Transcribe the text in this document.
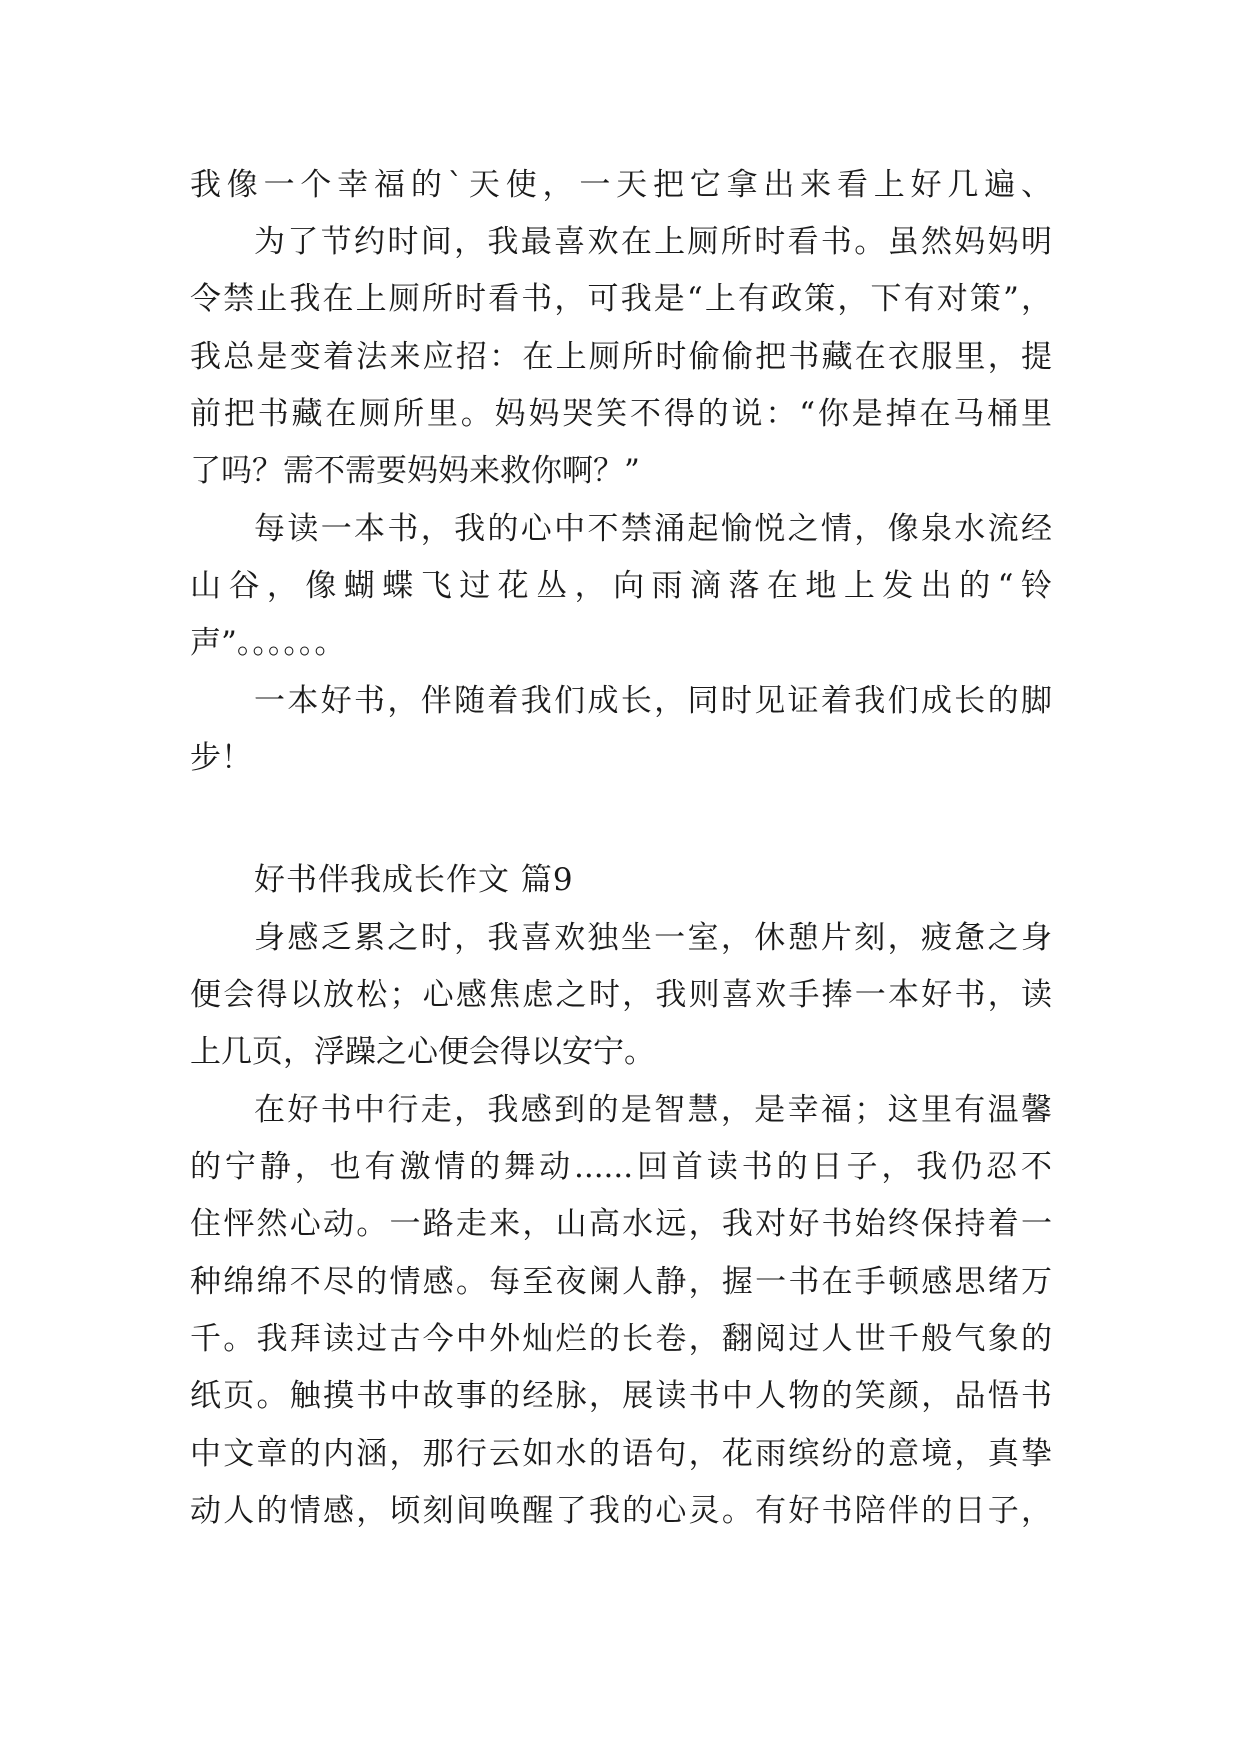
我像一个幸福的`天使，一天把它拿出来看上好几遍、
为了节约时间，我最喜欢在上厕所时看书。虽然妈妈明
令禁止我在上厕所时看书，可我是“上有政策，下有对策”，
我总是变着法来应招：在上厕所时偷偷把书藏在衣服里，提
前把书藏在厕所里。妈妈哭笑不得的说：“你是掉在马桶里
了吗？需不需要妈妈来救你啊？”
每读一本书，我的心中不禁涌起愉悦之情，像泉水流经
山谷，像蝴蝶飞过花丛，向雨滴落在地上发出的“铃
声”。。。。。。
一本好书，伴随着我们成长，同时见证着我们成长的脚
步！
好书伴我成长作文 篇9
身感乏累之时，我喜欢独坐一室，休憩片刻，疲惫之身
便会得以放松；心感焦虑之时，我则喜欢手捧一本好书，读
上几页，浮躁之心便会得以安宁。
在好书中行走，我感到的是智慧，是幸福；这里有温馨
的宁静，也有激情的舞动......回首读书的日子，我仍忍不
住怦然心动。一路走来，山高水远，我对好书始终保持着一
种绵绵不尽的情感。每至夜阑人静，握一书在手顿感思绪万
千。我拜读过古今中外灿烂的长卷，翻阅过人世千般气象的
纸页。触摸书中故事的经脉，展读书中人物的笑颜，品悟书
中文章的内涵，那行云如水的语句，花雨缤纷的意境，真挚
动人的情感，顷刻间唤醒了我的心灵。有好书陪伴的日子，
